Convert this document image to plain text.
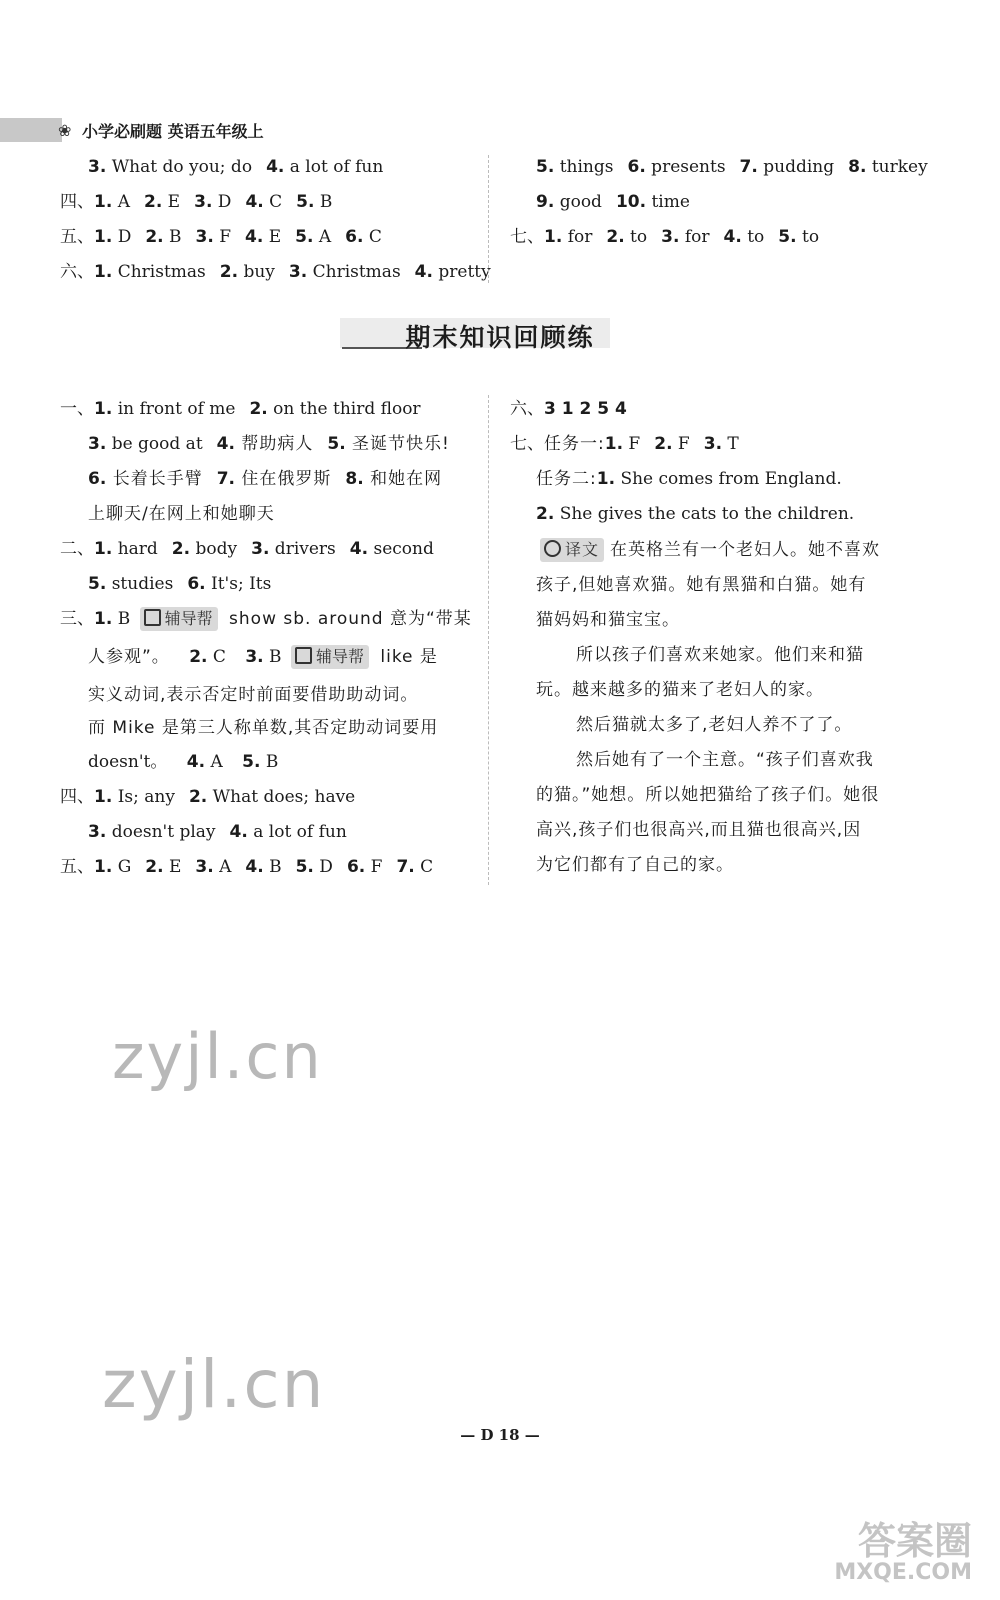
❀ 小学必刷题 英语五年级上
3. What do you; do 4. a lot of fun
四、1. A 2. E 3. D 4. C 5. B
五、1. D 2. B 3. F 4. E 5. A 6. C
六、1. Christmas 2. buy 3. Christmas 4. pretty
5. things 6. presents 7. pudding 8. turkey
9. good 10. time
七、1. for 2. to 3. for 4. to 5. to
期末知识回顾练
一、1. in front of me 2. on the third floor
3. be good at 4. 帮助病人 5. 圣诞节快乐!
6. 长着长手臂 7. 住在俄罗斯 8. 和她在网
上聊天/在网上和她聊天
二、1. hard 2. body 3. drivers 4. second
5. studies 6. It's; Its
三、1. B 辅导帮 show sb. around 意为“带某
人参观”。 2. C 3. B 辅导帮 like 是
实义动词,表示否定时前面要借助助动词。
而 Mike 是第三人称单数,其否定助动词要用
doesn't。 4. A 5. B
四、1. Is; any 2. What does; have
3. doesn't play 4. a lot of fun
五、1. G 2. E 3. A 4. B 5. D 6. F 7. C
六、3 1 2 5 4
七、任务一:1. F 2. F 3. T
任务二:1. She comes from England.
2. She gives the cats to the children.
译文 在英格兰有一个老妇人。她不喜欢
孩子,但她喜欢猫。她有黑猫和白猫。她有
猫妈妈和猫宝宝。
所以孩子们喜欢来她家。他们来和猫
玩。越来越多的猫来了老妇人的家。
然后猫就太多了,老妇人养不了了。
然后她有了一个主意。“孩子们喜欢我
的猫。”她想。所以她把猫给了孩子们。她很
高兴,孩子们也很高兴,而且猫也很高兴,因
为它们都有了自己的家。
zyjl.cn
zyjl.cn
— D 18 —
答案圈
MXQE.COM
